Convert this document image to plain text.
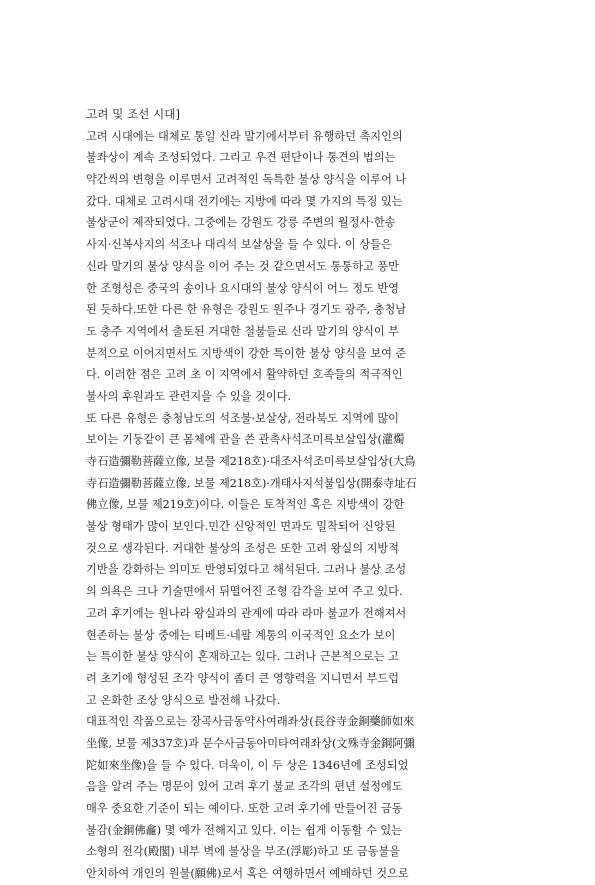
고려 및 조선 시대]
고려 시대에는 대체로 통일 신라 말기에서부터 유행하던 촉지인의
불좌상이 계속 조성되었다. 그리고 우견 편단이나 통견의 법의는
약간씩의 변형을 이루면서 고려적인 독특한 불상 양식을 이루어 나
갔다. 대체로 고려시대 전기에는 지방에 따라 몇 가지의 특징 있는
불상군이 제작되었다. 그중에는 강원도 강릉 주변의 월정사·한송
사지·신복사지의 석조나 대리석 보살상을 들 수 있다. 이 상들은
신라 말기의 불상 양식을 이어 주는 것 같으면서도 통통하고 풍만
한 조형성은 중국의 송이나 요시대의 불상 양식이 어느 정도 반영
된 듯하다.또한 다른 한 유형은 강원도 원주나 경기도 광주, 충청남
도 충주 지역에서 출토된 거대한 철불들로 신라 말기의 양식이 부
분적으로 이어지면서도 지방색이 강한 특이한 불상 양식을 보여 준
다. 이러한 점은 고려 초 이 지역에서 활약하던 호족들의 적극적인
불사의 후원과도 관련지을 수 있을 것이다.
또 다른 유형은 충청남도의 석조불·보살상, 전라북도 지역에 많이
보이는 기둥같이 큰 몸체에 관을 쓴 관촉사석조미륵보살입상(灌燭
寺石造彌勒菩薩立像, 보물 제218호)·대조사석조미륵보살입상(大鳥
寺石造彌勒菩薩立像, 보물 제218호)·개태사지석불입상(開泰寺址石
佛立像, 보물 제219호)이다. 이들은 토착적인 혹은 지방색이 강한
불상 형태가 많이 보인다.민간 신앙적인 면과도 밀착되어 신앙된
것으로 생각된다. 거대한 불상의 조성은 또한 고려 왕실의 지방적
기반을 강화하는 의미도 반영되었다고 해석된다. 그러나 불상 조성
의 의욕은 크나 기술면에서 뒤떨어진 조형 감각을 보여 주고 있다.
고려 후기에는 원나라 왕실과의 관계에 따라 라마 불교가 전해져서
현존하는 불상 중에는 티베트·네팔 계통의 이국적인 요소가 보이
는 특이한 불상 양식이 혼재하고는 있다. 그러나 근본적으로는 고
려 초기에 형성된 조각 양식이 좀더 큰 영향력을 지니면서 부드럽
고 온화한 조상 양식으로 발전해 나갔다.
대표적인 작품으로는 장곡사금동약사여래좌상(長谷寺金銅藥師如來
坐像, 보물 제337호)과 문수사금동아미타여래좌상(文殊寺金銅阿彌
陀如來坐像)을 들 수 있다. 더욱이, 이 두 상은 1346년에 조성되었
음을 알려 주는 명문이 있어 고려 후기 불교 조각의 편년 설정에도
매우 중요한 기준이 되는 예이다. 또한 고려 후기에 만들어진 금동
불감(金銅佛龕) 몇 예가 전해지고 있다. 이는 쉽게 이동할 수 있는
소형의 전각(殿閣) 내부 벽에 불상을 부조(浮彫)하고 또 금동불을
안치하여 개인의 원불(願佛)로서 혹은 여행하면서 예배하던 것으로
